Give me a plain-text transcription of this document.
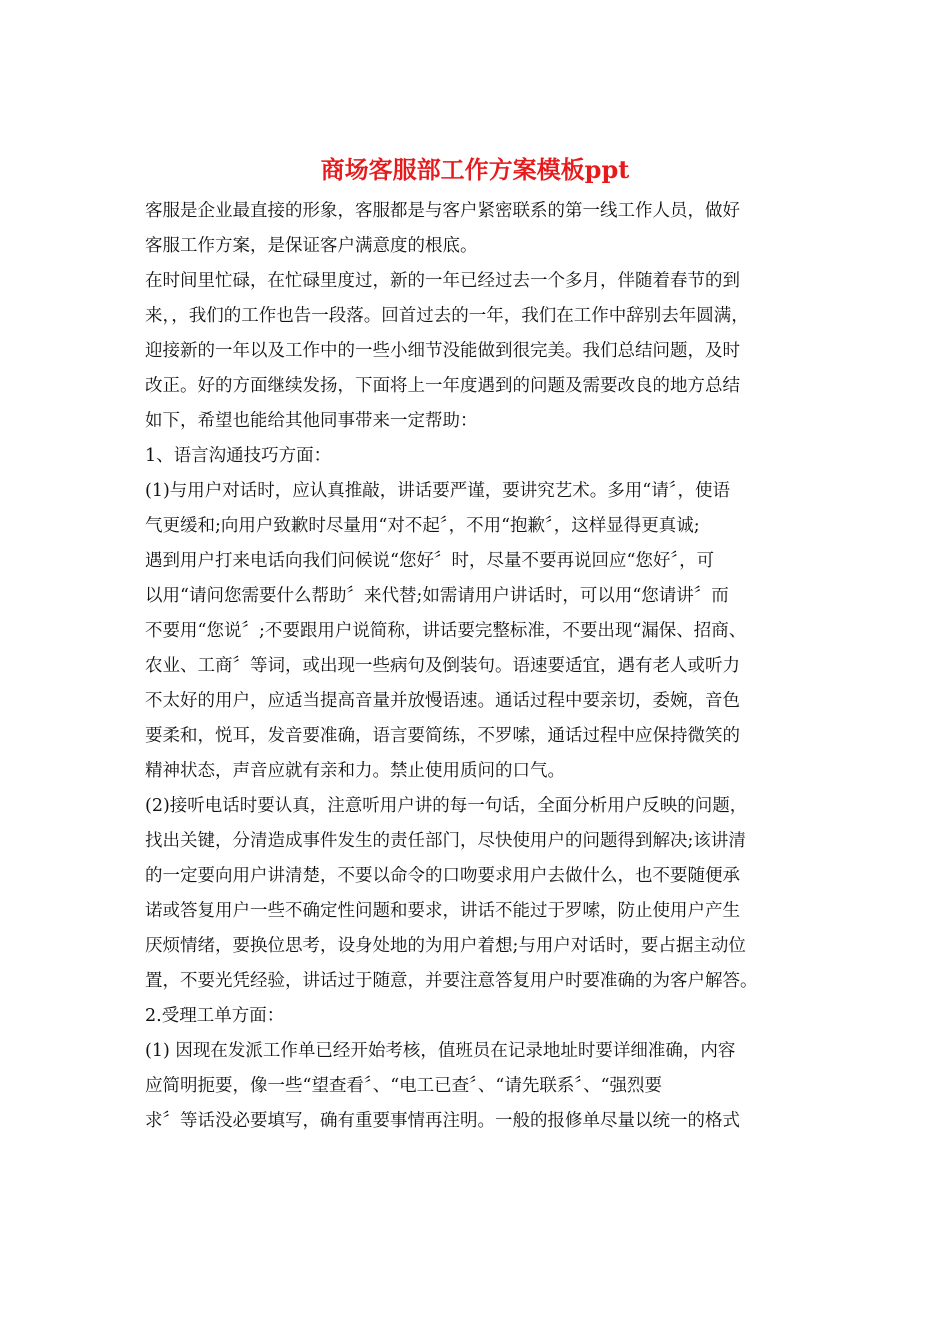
商场客服部工作方案模板ppt
客服是企业最直接的形象，客服都是与客户紧密联系的第一线工作人员，做好
客服工作方案，是保证客户满意度的根底。
在时间里忙碌，在忙碌里度过，新的一年已经过去一个多月，伴随着春节的到
来，，我们的工作也告一段落。回首过去的一年，我们在工作中辞别去年圆满，
迎接新的一年以及工作中的一些小细节没能做到很完美。我们总结问题，及时
改正。好的方面继续发扬，下面将上一年度遇到的问题及需要改良的地方总结
如下，希望也能给其他同事带来一定帮助：
1、语言沟通技巧方面：
(1)与用户对话时，应认真推敲，讲话要严谨，要讲究艺术。多用“请〞，使语
气更缓和;向用户致歉时尽量用“对不起〞，不用“抱歉〞，这样显得更真诚;
遇到用户打来电话向我们问候说“您好〞时，尽量不要再说回应“您好〞，可
以用“请问您需要什么帮助〞来代替;如需请用户讲话时，可以用“您请讲〞而
不要用“您说〞;不要跟用户说简称，讲话要完整标准，不要出现“漏保、招商、
农业、工商〞等词，或出现一些病句及倒装句。语速要适宜，遇有老人或听力
不太好的用户，应适当提高音量并放慢语速。通话过程中要亲切，委婉，音色
要柔和，悦耳，发音要准确，语言要简练，不罗嗦，通话过程中应保持微笑的
精神状态，声音应就有亲和力。禁止使用质问的口气。
(2)接听电话时要认真，注意听用户讲的每一句话，全面分析用户反映的问题，
找出关键，分清造成事件发生的责任部门，尽快使用户的问题得到解决;该讲清
的一定要向用户讲清楚，不要以命令的口吻要求用户去做什么，也不要随便承
诺或答复用户一些不确定性问题和要求，讲话不能过于罗嗦，防止使用户产生
厌烦情绪，要换位思考，设身处地的为用户着想;与用户对话时，要占据主动位
置，不要光凭经验，讲话过于随意，并要注意答复用户时要准确的为客户解答。
2.受理工单方面：
(1) 因现在发派工作单已经开始考核，值班员在记录地址时要详细准确，内容
应简明扼要，像一些“望查看〞、“电工已查〞、“请先联系〞、“强烈要
求〞等话没必要填写，确有重要事情再注明。一般的报修单尽量以统一的格式
